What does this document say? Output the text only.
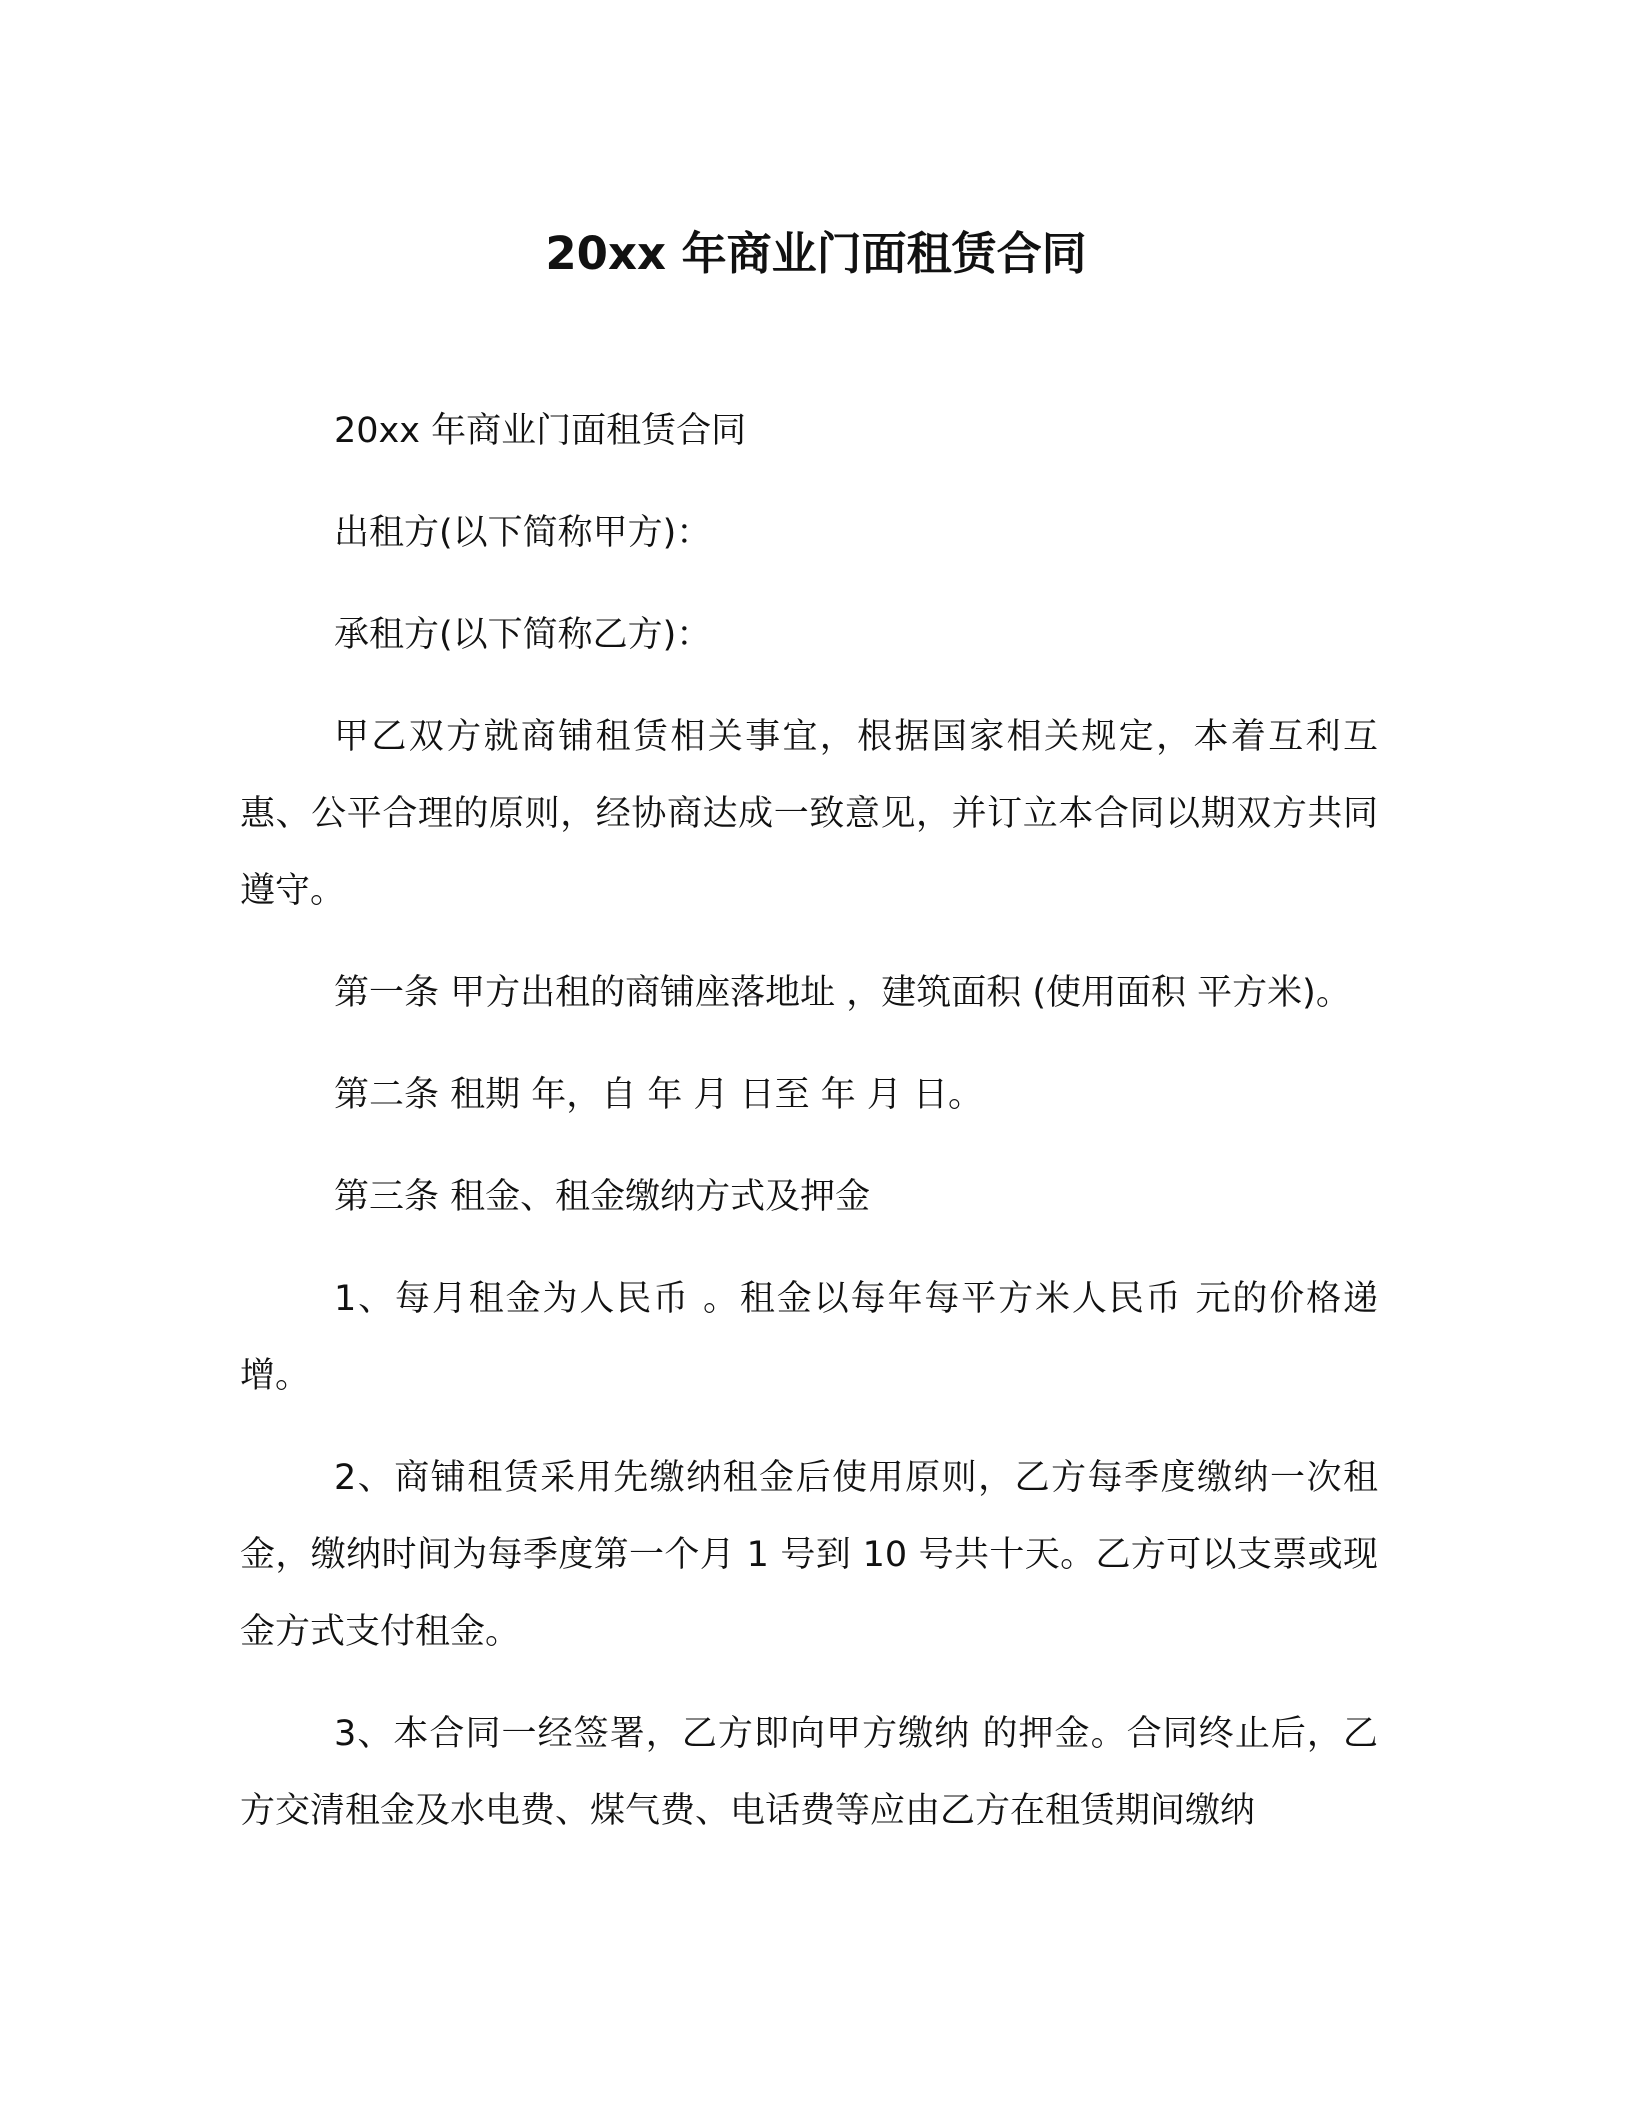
20xx 年商业门面租赁合同

20xx 年商业门面租赁合同

出租方(以下简称甲方)：

承租方(以下简称乙方)：

甲乙双方就商铺租赁相关事宜，根据国家相关规定，本着互利互惠、公平合理的原则，经协商达成一致意见，并订立本合同以期双方共同遵守。

第一条 甲方出租的商铺座落地址 ，建筑面积 (使用面积 平方米)。

第二条 租期 年，自 年 月 日至 年 月 日。

第三条 租金、租金缴纳方式及押金

1、每月租金为人民币 。租金以每年每平方米人民币 元的价格递增。

2、商铺租赁采用先缴纳租金后使用原则，乙方每季度缴纳一次租金，缴纳时间为每季度第一个月 1 号到 10 号共十天。乙方可以支票或现金方式支付租金。

3、本合同一经签署，乙方即向甲方缴纳 的押金。合同终止后，乙方交清租金及水电费、煤气费、电话费等应由乙方在租赁期间缴纳
